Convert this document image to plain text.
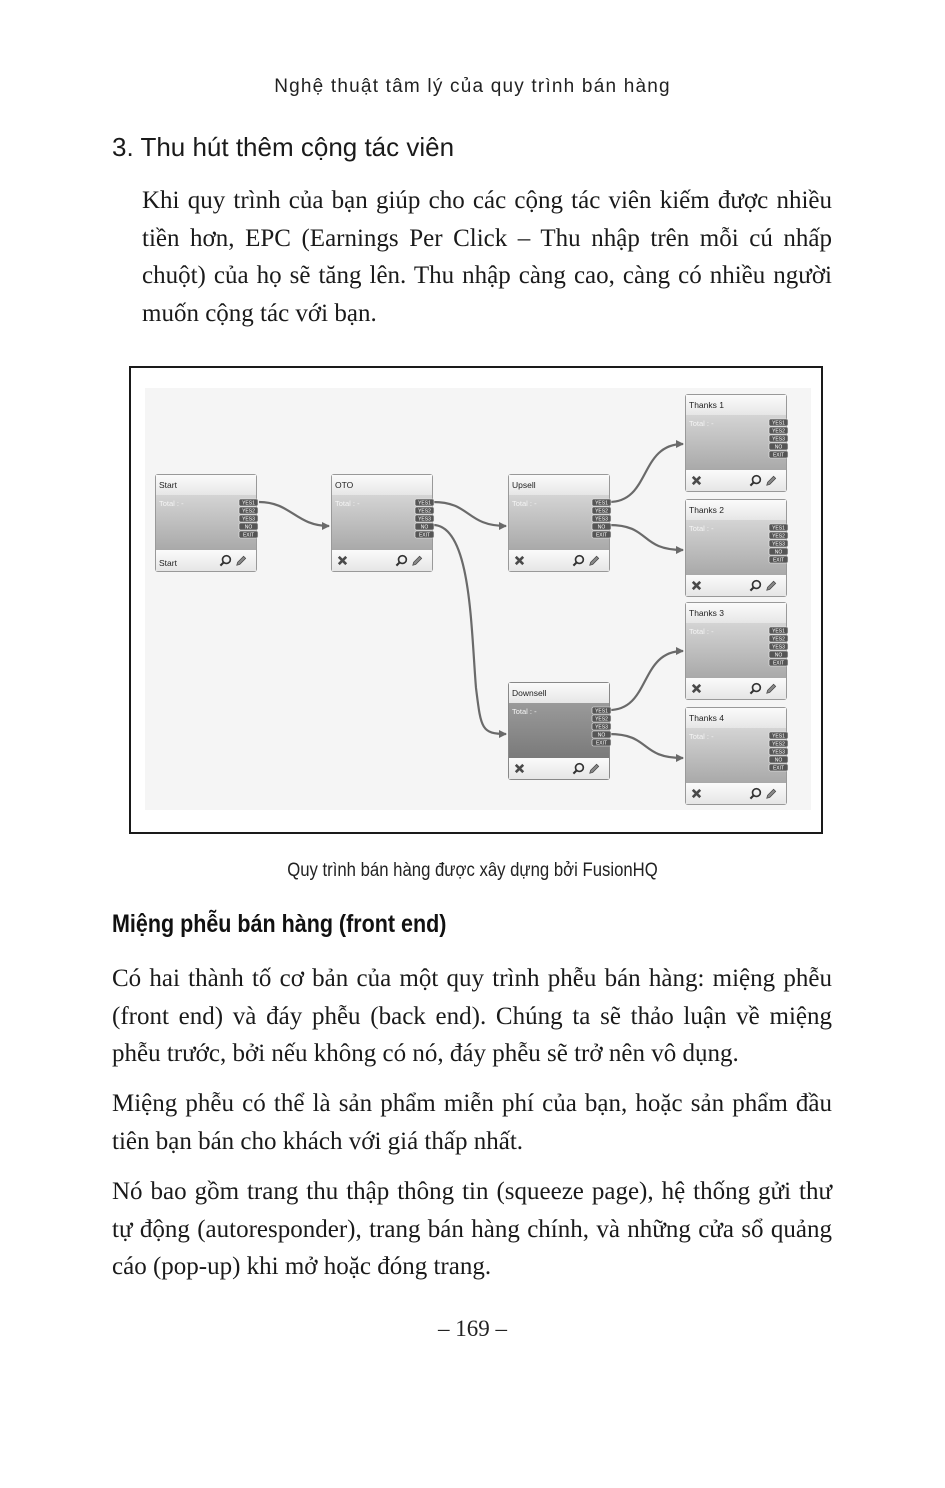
Nghệ thuật tâm lý của quy trình bán hàng
3. Thu hút thêm cộng tác viên

Khi quy trình của bạn giúp cho các cộng tác viên kiếm được nhiều tiền hơn, EPC (Earnings Per Click – Thu nhập trên mỗi cú nhấp chuột) của họ sẽ tăng lên. Thu nhập càng cao, càng có nhiều người muốn cộng tác với bạn.

Start
Total : -	YES1
YES2
YES3
NO
EXIT
Start
OTO
Total : -	YES1
YES2
YES3
NO
EXIT
Upsell
Total : -	YES1
YES2
YES3
NO
EXIT
Downsell
Total : -	YES1
YES2
YES3
NO
EXIT
Thanks 1
Total : -	YES1
YES2
YES3
NO
EXIT
Thanks 2
Total : -	YES1
YES2
YES3
NO
EXIT
Thanks 3
Total : -	YES1
YES2
YES3
NO
EXIT
Thanks 4
Total : -	YES1
YES2
YES3
NO
EXIT
Quy trình bán hàng được xây dựng bởi FusionHQ
Miệng phễu bán hàng (front end)

Có hai thành tố cơ bản của một quy trình phễu bán hàng: miệng phễu (front end) và đáy phễu (back end). Chúng ta sẽ thảo luận về miệng phễu trước, bởi nếu không có nó, đáy phễu sẽ trở nên vô dụng.

Miệng phễu có thể là sản phẩm miễn phí của bạn, hoặc sản phẩm đầu tiên bạn bán cho khách với giá thấp nhất.

Nó bao gồm trang thu thập thông tin (squeeze page), hệ thống gửi thư tự động (autoresponder), trang bán hàng chính, và những cửa sổ quảng cáo (pop-up) khi mở hoặc đóng trang.

– 169 –
